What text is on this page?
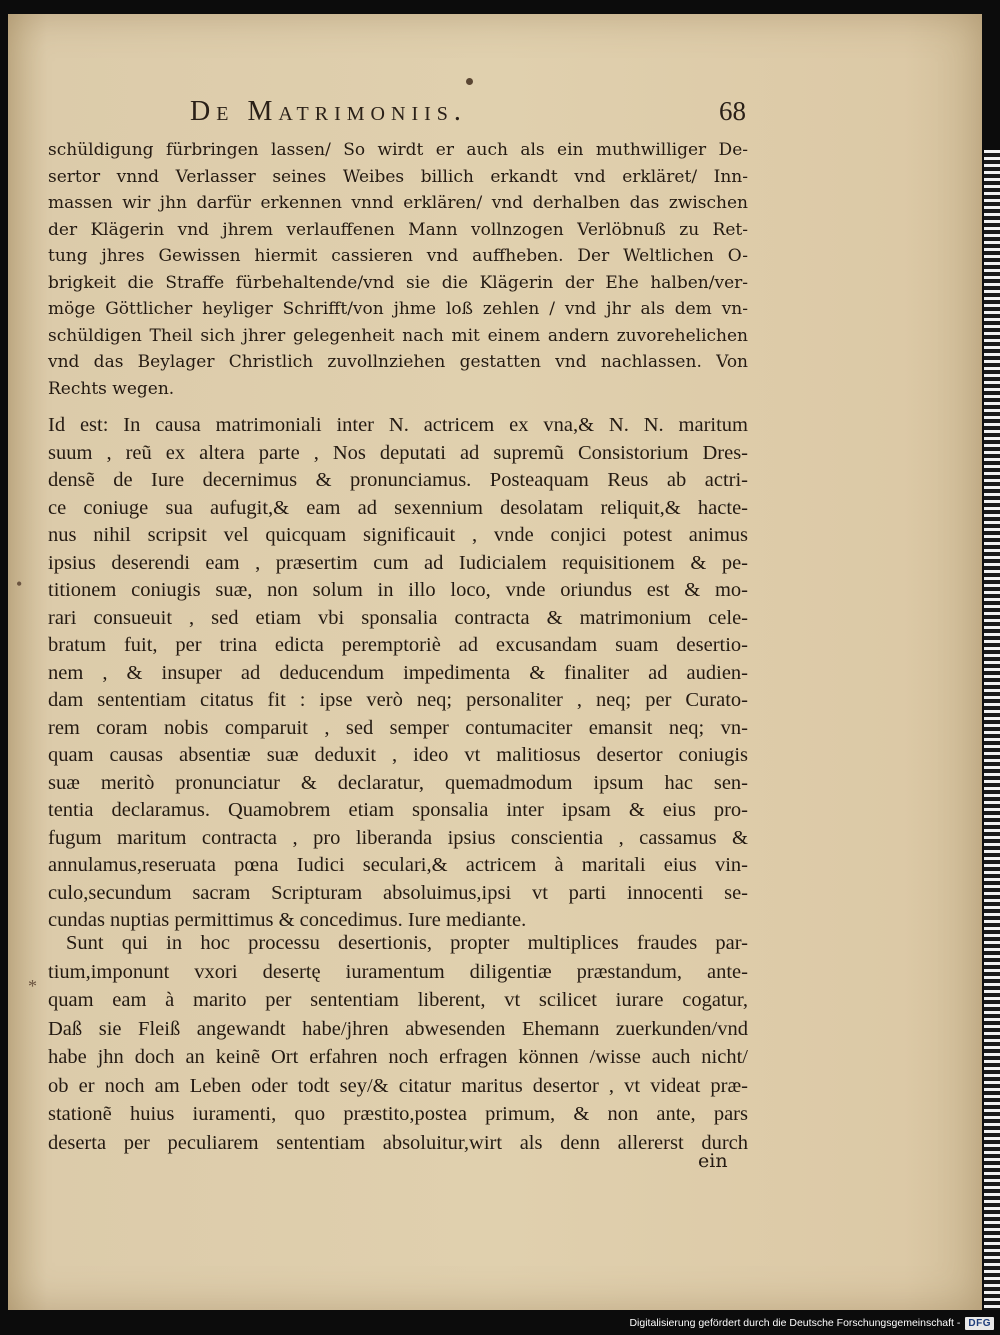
De Matrimoniis.	68
schüldigung fürbringen lassen/ So wirdt er auch als ein muthwilliger De-
sertor vnnd Verlasser seines Weibes billich erkandt vnd erkläret/ Inn-
massen wir jhn darfür erkennen vnnd erklären/ vnd derhalben das zwischen
der Klägerin vnd jhrem verlauffenen Mann vollnzogen Verlöbnuß zu Ret-
tung jhres Gewissen hiermit cassieren vnd auffheben. Der Weltlichen O-
brigkeit die Straffe fürbehaltende/vnd sie die Klägerin der Ehe halben/ver-
möge Göttlicher heyliger Schrifft/von jhme loß zehlen / vnd jhr als dem vn-
schüldigen Theil sich jhrer gelegenheit nach mit einem andern zuvorehelichen
vnd das Beylager Christlich zuvollnziehen gestatten vnd nachlassen. Von
Rechts wegen.
Id est: In causa matrimoniali inter N. actricem ex vna,& N. N. maritum
suum , reũ ex altera parte , Nos deputati ad supremũ Consistorium Dres-
densẽ de Iure decernimus & pronunciamus. Posteaquam Reus ab actri-
ce coniuge sua aufugit,& eam ad sexennium desolatam reliquit,& hacte-
nus nihil scripsit vel quicquam significauit , vnde conjici potest animus
ipsius deserendi eam , præsertim cum ad Iudicialem requisitionem & pe-
titionem coniugis suæ, non solum in illo loco, vnde oriundus est & mo-
rari consueuit , sed etiam vbi sponsalia contracta & matrimonium cele-
bratum fuit, per trina edicta peremptoriè ad excusandam suam desertio-
nem , & insuper ad deducendum impedimenta & finaliter ad audien-
dam sententiam citatus fit : ipse verò neq; personaliter , neq; per Curato-
rem coram nobis comparuit , sed semper contumaciter emansit neq; vn-
quam causas absentiæ suæ deduxit , ideo vt malitiosus desertor coniugis
suæ meritò pronunciatur & declaratur, quemadmodum ipsum hac sen-
tentia declaramus. Quamobrem etiam sponsalia inter ipsam & eius pro-
fugum maritum contracta , pro liberanda ipsius conscientia , cassamus &
annulamus,reseruata pœna Iudici seculari,& actricem à maritali eius vin-
culo,secundum sacram Scripturam absoluimus,ipsi vt parti innocenti se-
cundas nuptias permittimus & concedimus. Iure mediante.
Sunt qui in hoc processu desertionis, propter multiplices fraudes par-
tium,imponunt vxori desertę iuramentum diligentiæ præstandum, ante-
quam eam à marito per sententiam liberent, vt scilicet iurare cogatur,
Daß sie Fleiß angewandt habe/jhren abwesenden Ehemann zuerkunden/vnd
habe jhn doch an keinẽ Ort erfahren noch erfragen können /wisse auch nicht/
ob er noch am Leben oder todt sey/& citatur maritus desertor , vt videat præ-
stationẽ huius iuramenti, quo præstito,postea primum, & non ante, pars
deserta per peculiarem sententiam absoluitur,wirt als denn allererst durch
ein
•
*
Digitalisierung gefördert durch die Deutsche Forschungsgemeinschaft - DFG
